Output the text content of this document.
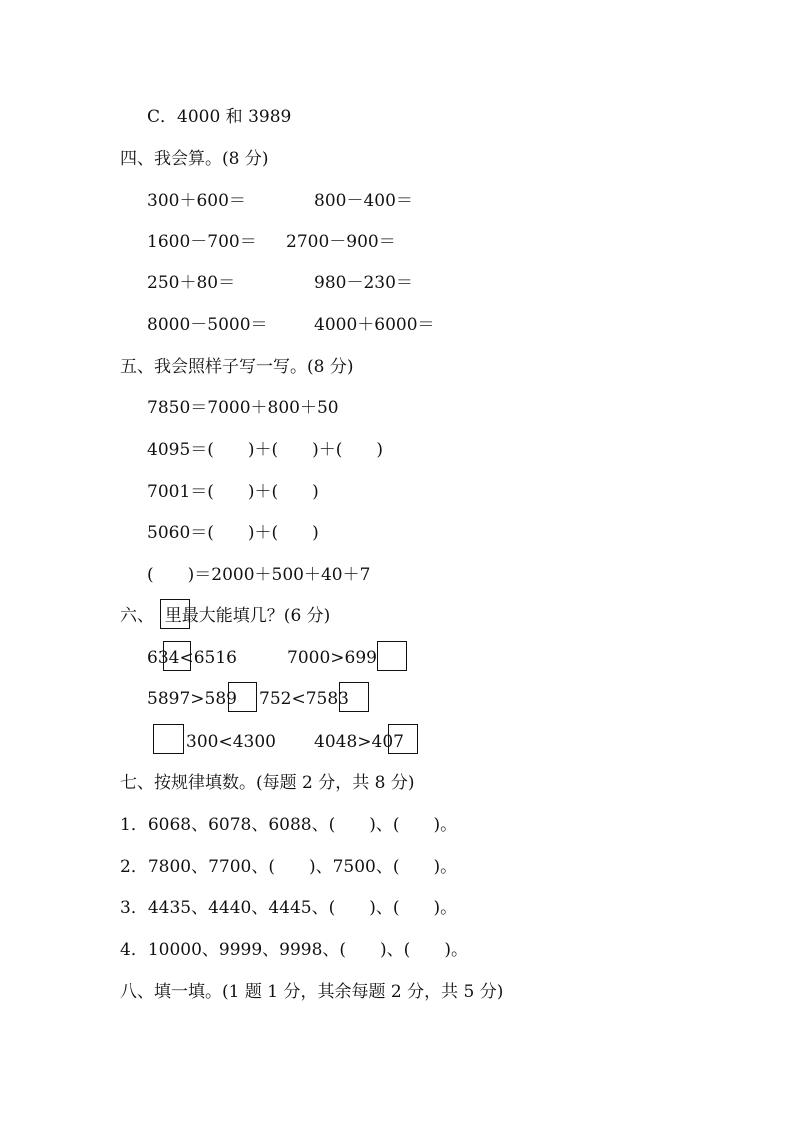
C．4000 和 3989
四、我会算。(8 分)
300＋600＝	800－400＝
1600－700＝ 2700－900＝
250＋80＝	980－230＝
8000－5000＝	4000＋6000＝
五、我会照样子写一写。(8 分)
7850＝7000＋800＋50
4095＝(　　)＋(　　)＋(　　)
7001＝(　　)＋(　　)
5060＝(　　)＋(　　)
(　　)＝2000＋500＋40＋7
六、  里最大能填几？(6 分)
634<6516	7000>699
5897>589 752<7583
300<4300 4048>407
七、按规律填数。(每题 2 分，共 8 分)
1．6068、6078、6088、(　　)、(　　)。
2．7800、7700、(　　)、7500、(　　)。
3．4435、4440、4445、(　　)、(　　)。
4．10000、9999、9998、(　　)、(　　)。
八、填一填。(1 题 1 分，其余每题 2 分，共 5 分)
